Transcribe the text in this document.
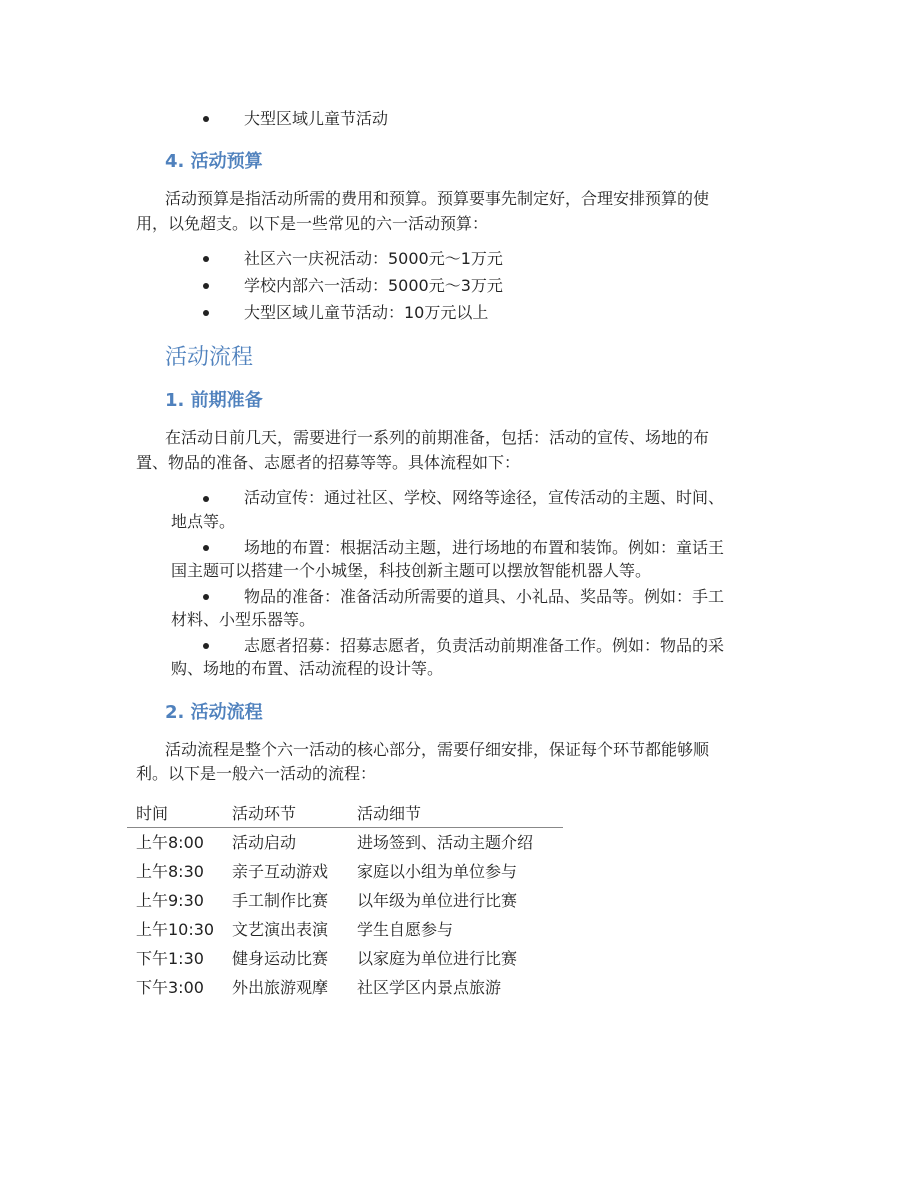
大型区域儿童节活动
4. 活动预算
活动预算是指活动所需的费用和预算。预算要事先制定好，合理安排预算的使
用，以免超支。以下是一些常见的六一活动预算：
社区六一庆祝活动：5000元～1万元
学校内部六一活动：5000元～3万元
大型区域儿童节活动：10万元以上
活动流程
1. 前期准备
在活动日前几天，需要进行一系列的前期准备，包括：活动的宣传、场地的布
置、物品的准备、志愿者的招募等等。具体流程如下：
活动宣传：通过社区、学校、网络等途径，宣传活动的主题、时间、
地点等。
场地的布置：根据活动主题，进行场地的布置和装饰。例如：童话王
国主题可以搭建一个小城堡，科技创新主题可以摆放智能机器人等。
物品的准备：准备活动所需要的道具、小礼品、奖品等。例如：手工
材料、小型乐器等。
志愿者招募：招募志愿者，负责活动前期准备工作。例如：物品的采
购、场地的布置、活动流程的设计等。
2. 活动流程
活动流程是整个六一活动的核心部分，需要仔细安排，保证每个环节都能够顺
利。以下是一般六一活动的流程：
时间	活动环节	活动细节
上午8:00 活动启动	进场签到、活动主题介绍
上午8:30 亲子互动游戏 家庭以小组为单位参与
上午9:30 手工制作比赛 以年级为单位进行比赛
上午10:30 文艺演出表演 学生自愿参与
下午1:30 健身运动比赛 以家庭为单位进行比赛
下午3:00 外出旅游观摩 社区学区内景点旅游
